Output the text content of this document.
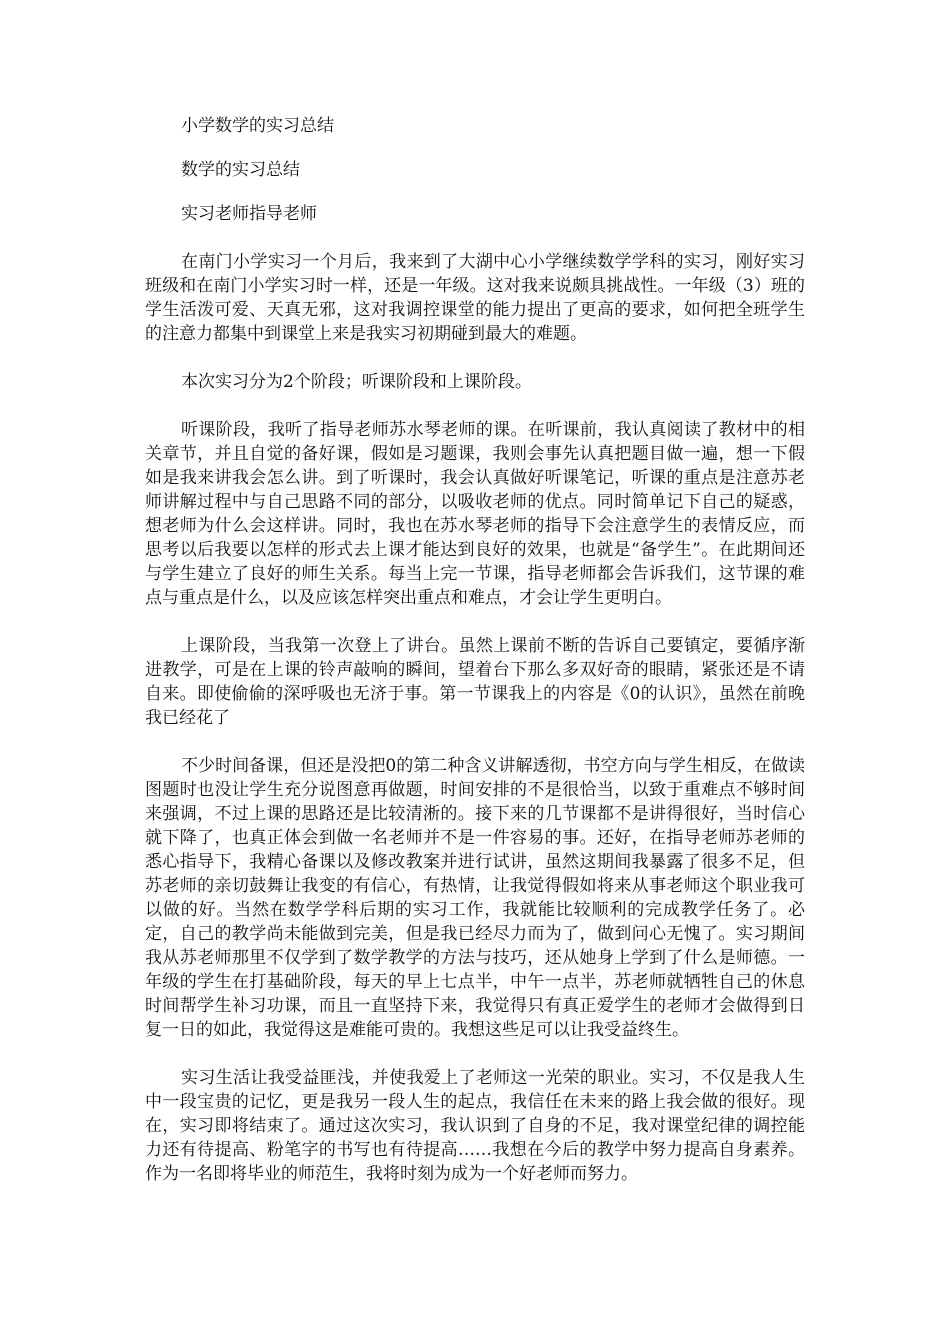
小学数学的实习总结

数学的实习总结

实习老师指导老师

在南门小学实习一个月后，我来到了大湖中心小学继续数学学科的实习，刚好实习班级和在南门小学实习时一样，还是一年级。这对我来说颇具挑战性。一年级（3）班的学生活泼可爱、天真无邪，这对我调控课堂的能力提出了更高的要求，如何把全班学生的注意力都集中到课堂上来是我实习初期碰到最大的难题。

本次实习分为2个阶段；听课阶段和上课阶段。

听课阶段，我听了指导老师苏水琴老师的课。在听课前，我认真阅读了教材中的相关章节，并且自觉的备好课，假如是习题课，我则会事先认真把题目做一遍，想一下假如是我来讲我会怎么讲。到了听课时，我会认真做好听课笔记，听课的重点是注意苏老师讲解过程中与自己思路不同的部分，以吸收老师的优点。同时简单记下自己的疑惑，想老师为什么会这样讲。同时，我也在苏水琴老师的指导下会注意学生的表情反应，而思考以后我要以怎样的形式去上课才能达到良好的效果，也就是“备学生”。在此期间还与学生建立了良好的师生关系。每当上完一节课，指导老师都会告诉我们，这节课的难点与重点是什么，以及应该怎样突出重点和难点，才会让学生更明白。

上课阶段，当我第一次登上了讲台。虽然上课前不断的告诉自己要镇定，要循序渐进教学，可是在上课的铃声敲响的瞬间，望着台下那么多双好奇的眼睛，紧张还是不请自来。即使偷偷的深呼吸也无济于事。第一节课我上的内容是《0的认识》，虽然在前晚我已经花了

不少时间备课，但还是没把0的第二种含义讲解透彻，书空方向与学生相反，在做读图题时也没让学生充分说图意再做题，时间安排的不是很恰当，以致于重难点不够时间来强调，不过上课的思路还是比较清淅的。接下来的几节课都不是讲得很好，当时信心就下降了，也真正体会到做一名老师并不是一件容易的事。还好，在指导老师苏老师的悉心指导下，我精心备课以及修改教案并进行试讲，虽然这期间我暴露了很多不足，但苏老师的亲切鼓舞让我变的有信心，有热情，让我觉得假如将来从事老师这个职业我可以做的好。当然在数学学科后期的实习工作，我就能比较顺利的完成教学任务了。必定，自己的教学尚未能做到完美，但是我已经尽力而为了，做到问心无愧了。实习期间我从苏老师那里不仅学到了数学教学的方法与技巧，还从她身上学到了什么是师德。一年级的学生在打基础阶段，每天的早上七点半，中午一点半，苏老师就牺牲自己的休息时间帮学生补习功课，而且一直坚持下来，我觉得只有真正爱学生的老师才会做得到日复一日的如此，我觉得这是难能可贵的。我想这些足可以让我受益终生。

实习生活让我受益匪浅，并使我爱上了老师这一光荣的职业。实习，不仅是我人生中一段宝贵的记忆，更是我另一段人生的起点，我信任在未来的路上我会做的很好。现在，实习即将结束了。通过这次实习，我认识到了自身的不足，我对课堂纪律的调控能力还有待提高、粉笔字的书写也有待提高……我想在今后的教学中努力提高自身素养。作为一名即将毕业的师范生，我将时刻为成为一个好老师而努力。
